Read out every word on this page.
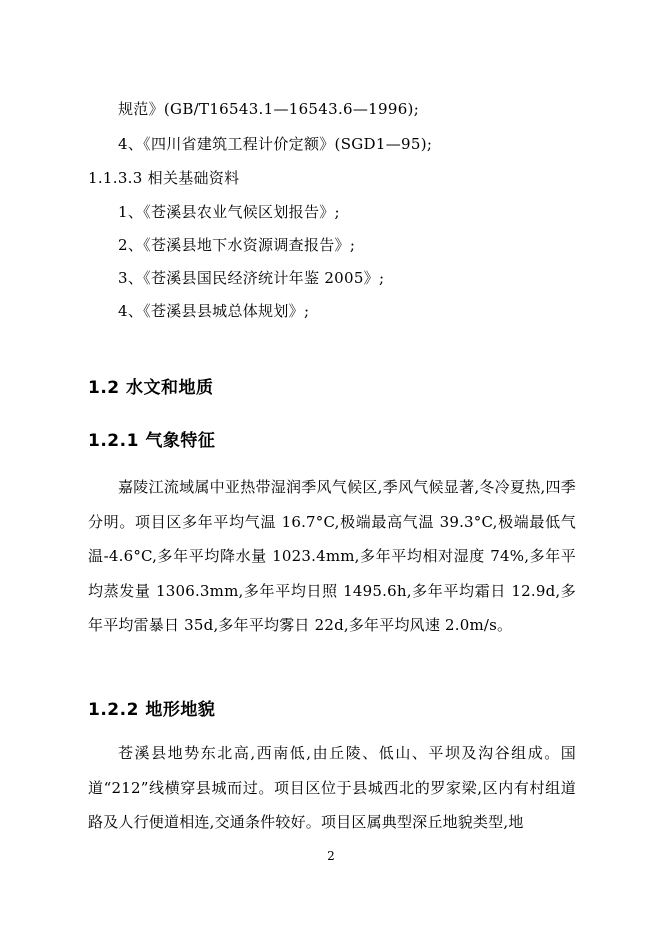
规范》(GB/T16543.1—16543.6—1996);
4、《四川省建筑工程计价定额》(SGD1—95);
1.1.3.3 相关基础资料
1、《苍溪县农业气候区划报告》;
2、《苍溪县地下水资源调查报告》;
3、《苍溪县国民经济统计年鉴 2005》;
4、《苍溪县县城总体规划》;
1.2 水文和地质
1.2.1 气象特征
嘉陵江流域属中亚热带湿润季风气候区,季风气候显著,冬冷夏热,四季分明。项目区多年平均气温 16.7°C,极端最高气温 39.3°C,极端最低气温-4.6°C,多年平均降水量 1023.4mm,多年平均相对湿度 74%,多年平均蒸发量 1306.3mm,多年平均日照 1495.6h,多年平均霜日 12.9d,多年平均雷暴日 35d,多年平均雾日 22d,多年平均风速 2.0m/s。
1.2.2 地形地貌
苍溪县地势东北高,西南低,由丘陵、低山、平坝及沟谷组成。国道“212”线横穿县城而过。项目区位于县城西北的罗家梁,区内有村组道路及人行便道相连,交通条件较好。项目区属典型深丘地貌类型,地
2
